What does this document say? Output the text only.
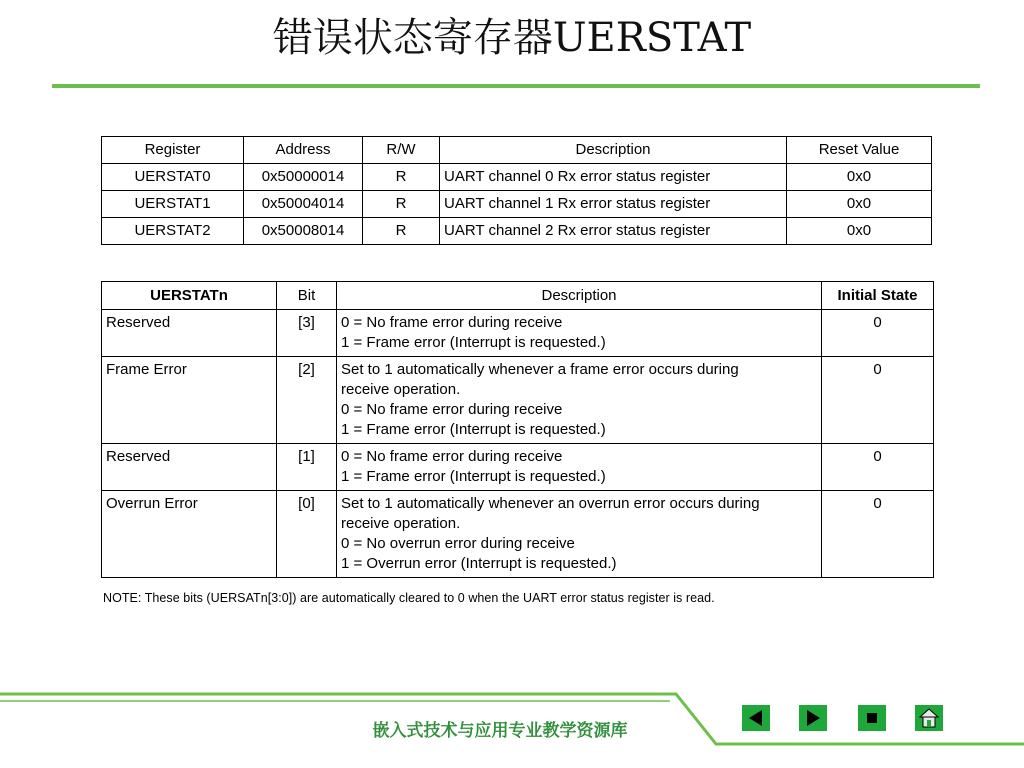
错误状态寄存器UERSTAT
Register	Address	R/W	Description	Reset Value
UERSTAT0	0x50000014	R	UART channel 0 Rx error status register	0x0
UERSTAT1	0x50004014	R	UART channel 1 Rx error status register	0x0
UERSTAT2	0x50008014	R	UART channel 2 Rx error status register	0x0
UERSTATn	Bit	Description	Initial State
Reserved	[3]	0 = No frame error during receive
1 = Frame error (Interrupt is requested.)	0
Frame Error	[2]	Set to 1 automatically whenever a frame error occurs during
receive operation.
0 = No frame error during receive
1 = Frame error (Interrupt is requested.)	0
Reserved	[1]	0 = No frame error during receive
1 = Frame error (Interrupt is requested.)	0
Overrun Error	[0]	Set to 1 automatically whenever an overrun error occurs during
receive operation.
0 = No overrun error during receive
1 = Overrun error (Interrupt is requested.)	0
NOTE: These bits (UERSATn[3:0]) are automatically cleared to 0 when the UART error status register is read.
嵌入式技术与应用专业教学资源库
